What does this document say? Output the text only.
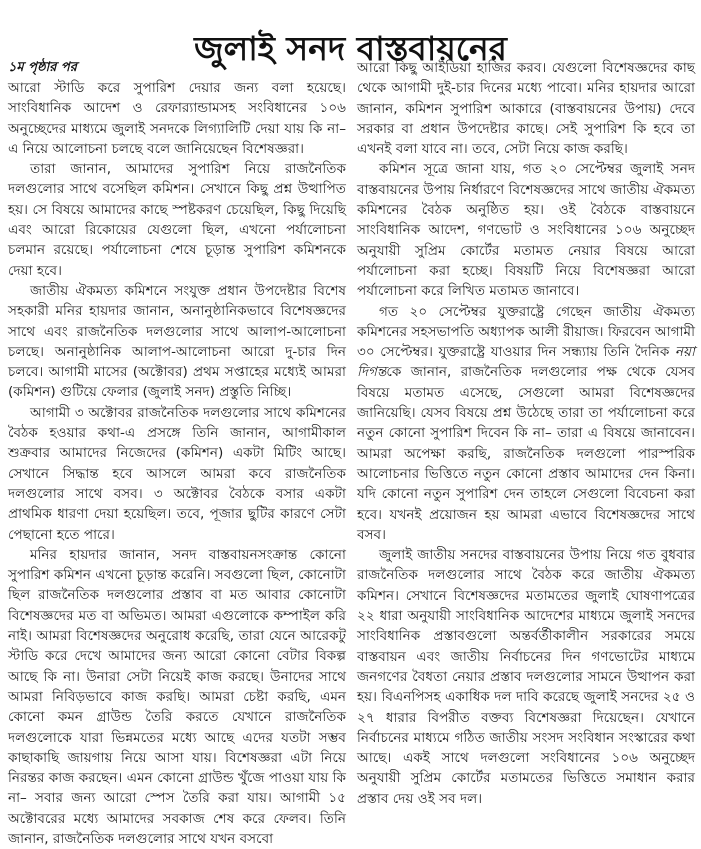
জুলাই সনদ বাস্তবায়নের
১ম পৃষ্ঠার পর

আরো স্টাডি করে সুপারিশ দেয়ার জন্য বলা হয়েছে। সাংবিধানিক আদেশ ও রেফার‍্যান্ডামসহ সংবিধানের ১০৬ অনুচ্ছেদের মাধ্যমে জুলাই সনদকে লিগ্যালিটি দেয়া যায় কি না– এ নিয়ে আলোচনা চলছে বলে জানিয়েছেন বিশেষজ্ঞরা।

তারা জানান, আমাদের সুপারিশ নিয়ে রাজনৈতিক দলগুলোর সাথে বসেছিল কমিশন। সেখানে কিছু প্রশ্ন উত্থাপিত হয়। সে বিষয়ে আমাদের কাছে স্পষ্টকরণ চেয়েছিল, কিছু দিয়েছি এবং আরো রিকোয়ের যেগুলো ছিল, এখনো পর্যালোচনা চলমান রয়েছে। পর্যালোচনা শেষে চূড়ান্ত সুপারিশ কমিশনকে দেয়া হবে।

জাতীয় ঐকমত্য কমিশনে সংযুক্ত প্রধান উপদেষ্টার বিশেষ সহকারী মনির হায়দার জানান, অনানুষ্ঠানিকভাবে বিশেষজ্ঞদের সাথে এবং রাজনৈতিক দলগুলোর সাথে আলাপ-আলোচনা চলছে। অনানুষ্ঠানিক আলাপ-আলোচনা আরো দু-চার দিন চলবে। আগামী মাসের (অক্টোবর) প্রথম সপ্তাহের মধ্যেই আমরা (কমিশন) গুটিয়ে ফেলার (জুলাই সনদ) প্রস্তুতি নিচ্ছি।

আগামী ৩ অক্টোবর রাজনৈতিক দলগুলোর সাথে কমিশনের বৈঠক হওয়ার কথা-এ প্রসঙ্গে তিনি জানান, আগামীকাল শুক্রবার আমাদের নিজেদের (কমিশন) একটা মিটিং আছে। সেখানে সিদ্ধান্ত হবে আসলে আমরা কবে রাজনৈতিক দলগুলোর সাথে বসব। ৩ অক্টোবর বৈঠকে বসার একটা প্রাথমিক ধারণা দেয়া হয়েছিল। তবে, পূজার ছুটির কারণে সেটা পেছানো হতে পারে।

মনির হায়দার জানান, সনদ বাস্তবায়নসংক্রান্ত কোনো সুপারিশ কমিশন এখনো চূড়ান্ত করেনি। সবগুলো ছিল, কোনোটা ছিল রাজনৈতিক দলগুলোর প্রস্তাব বা মত আবার কোনোটা বিশেষজ্ঞদের মত বা অভিমত। আমরা এগুলোকে কম্পাইল করি নাই। আমরা বিশেষজ্ঞদের অনুরোধ করেছি, তারা যেনে আরেকটু স্টাডি করে দেখে আমাদের জন্য আরো কোনো বেটার বিকল্প আছে কি না। উনারা সেটা নিয়েই কাজ করছে। উনাদের সাথে আমরা নিবিড়ভাবে কাজ করছি। আমরা চেষ্টা করছি, এমন কোনো কমন গ্রাউন্ড তৈরি করতে যেখানে রাজনৈতিক দলগুলোকে যারা ভিন্নমতের মধ্যে আছে এদের যতটা সম্ভব কাছাকাছি জায়গায় নিয়ে আসা যায়। বিশেষজ্ঞরা এটা নিয়ে নিরন্তর কাজ করছেন। এমন কোনো গ্রাউন্ড খুঁজে পাওয়া যায় কি না– সবার জন্য আরো স্পেস তৈরি করা যায়। আগামী ১৫ অক্টোবরের মধ্যে আমাদের সবকাজ শেষ করে ফেলব। তিনি জানান, রাজনৈতিক দলগুলোর সাথে যখন বসবো

আরো কিছু আইডিয়া হাজির করব। যেগুলো বিশেষজ্ঞদের কাছ থেকে আগামী দুই-চার দিনের মধ্যে পাবো। মনির হায়দার আরো জানান, কমিশন সুপারিশ আকারে (বাস্তবায়নের উপায়) দেবে সরকার বা প্রধান উপদেষ্টার কাছে। সেই সুপারিশ কি হবে তা এখনই বলা যাবে না। তবে, সেটা নিয়ে কাজ করছি।

কমিশন সূত্রে জানা যায়, গত ২০ সেপ্টেম্বর জুলাই সনদ বাস্তবায়নের উপায় নির্ধারণে বিশেষজ্ঞদের সাথে জাতীয় ঐকমত্য কমিশনের বৈঠক অনুষ্ঠিত হয়। ওই বৈঠকে বাস্তবায়নে সাংবিধানিক আদেশ, গণভোট ও সংবিধানের ১০৬ অনুচ্ছেদ অনুযায়ী সুপ্রিম কোর্টের মতামত নেয়ার বিষয়ে আরো পর্যালোচনা করা হচ্ছে। বিষয়টি নিয়ে বিশেষজ্ঞরা আরো পর্যালোচনা করে লিখিত মতামত জানাবে।

গত ২০ সেপ্টেম্বর যুক্তরাষ্ট্রে গেছেন জাতীয় ঐকমত্য কমিশনের সহসভাপতি অধ্যাপক আলী রীয়াজ। ফিরবেন আগামী ৩০ সেপ্টেম্বর। যুক্তরাষ্ট্রে যাওয়ার দিন সন্ধ্যায় তিনি দৈনিক নয়া দিগন্তকে জানান, রাজনৈতিক দলগুলোর পক্ষ থেকে যেসব বিষয়ে মতামত এসেছে, সেগুলো আমরা বিশেষজ্ঞদের জানিয়েছি। যেসব বিষয়ে প্রশ্ন উঠেছে তারা তা পর্যালোচনা করে নতুন কোনো সুপারিশ দিবেন কি না– তারা এ বিষয়ে জানাবেন। আমরা অপেক্ষা করছি, রাজনৈতিক দলগুলো পারস্পরিক আলোচনার ভিত্তিতে নতুন কোনো প্রস্তাব আমাদের দেন কিনা। যদি কোনো নতুন সুপারিশ দেন তাহলে সেগুলো বিবেচনা করা হবে। যখনই প্রয়োজন হয় আমরা এভাবে বিশেষজ্ঞদের সাথে বসব।

জুলাই জাতীয় সনদের বাস্তবায়নের উপায় নিয়ে গত বুধবার রাজনৈতিক দলগুলোর সাথে বৈঠক করে জাতীয় ঐকমত্য কমিশন। সেখানে বিশেষজ্ঞদের মতামতের জুলাই ঘোষণাপত্রের ২২ ধারা অনুযায়ী সাংবিধানিক আদেশের মাধ্যমে জুলাই সনদের সাংবিধানিক প্রস্তাবগুলো অন্তর্বর্তীকালীন সরকারের সময়ে বাস্তবায়ন এবং জাতীয় নির্বাচনের দিন গণভোটের মাধ্যমে জনগণের বৈধতা নেয়ার প্রস্তাব দলগুলোর সামনে উত্থাপন করা হয়। বিএনপিসহ একাধিক দল দাবি করেছে জুলাই সনদের ২৫ ও ২৭ ধারার বিপরীত বক্তব্য বিশেষজ্ঞরা দিয়েছেন। যেখানে নির্বাচনের মাধ্যমে গঠিত জাতীয় সংসদ সংবিধান সংস্কারের কথা আছে। একই সাথে দলগুলো সংবিধানের ১০৬ অনুচ্ছেদ অনুযায়ী সুপ্রিম কোর্টের মতামতের ভিত্তিতে সমাধান করার প্রস্তাব দেয় ওই সব দল।
